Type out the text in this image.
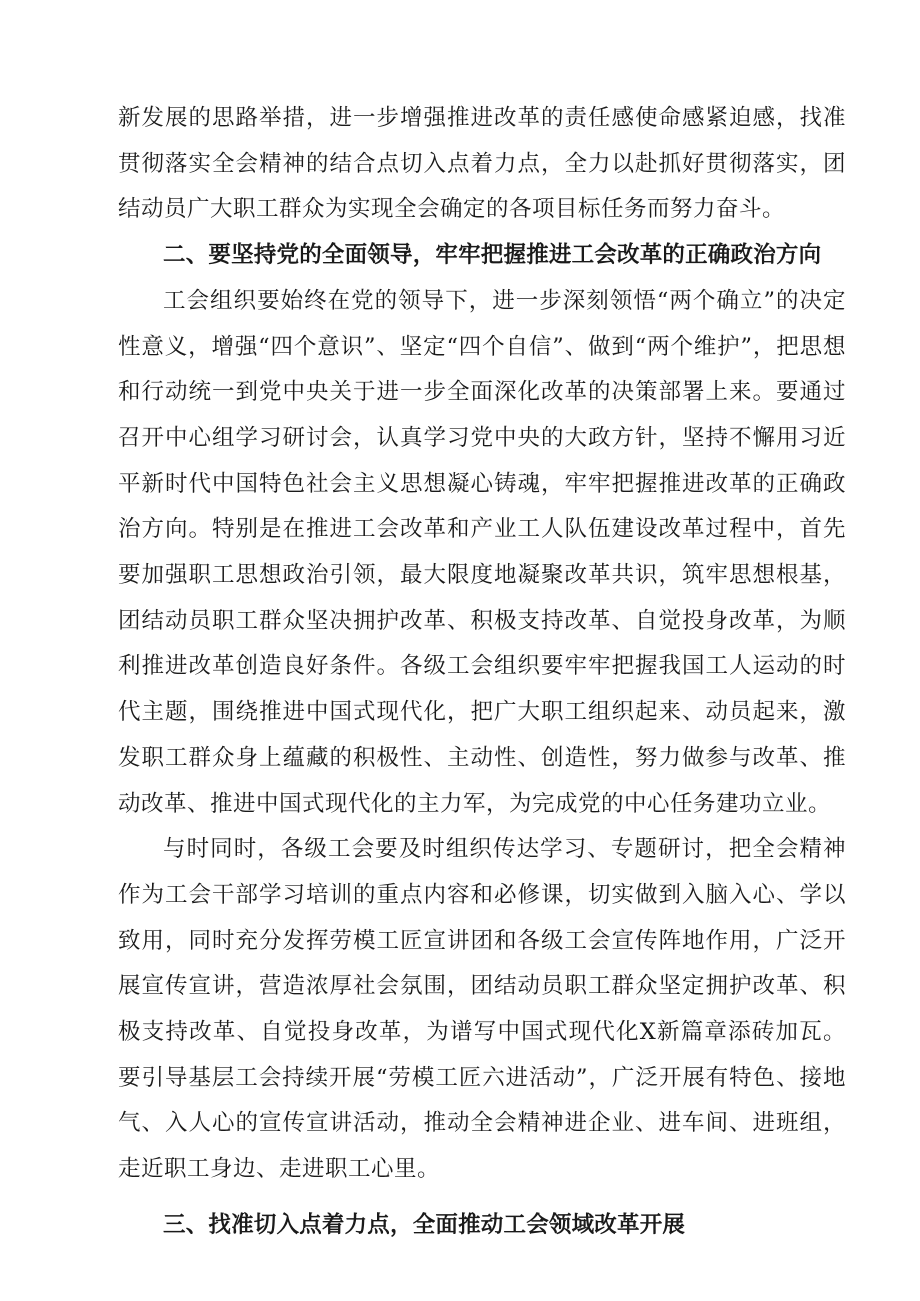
新发展的思路举措，进一步增强推进改革的责任感使命感紧迫感，找准贯彻落实全会精神的结合点切入点着力点，全力以赴抓好贯彻落实，团结动员广大职工群众为实现全会确定的各项目标任务而努力奋斗。

二、要坚持党的全面领导，牢牢把握推进工会改革的正确政治方向

工会组织要始终在党的领导下，进一步深刻领悟“两个确立”的决定性意义，增强“四个意识”、坚定“四个自信”、做到“两个维护”，把思想和行动统一到党中央关于进一步全面深化改革的决策部署上来。要通过召开中心组学习研讨会，认真学习党中央的大政方针，坚持不懈用习近平新时代中国特色社会主义思想凝心铸魂，牢牢把握推进改革的正确政治方向。特别是在推进工会改革和产业工人队伍建设改革过程中，首先要加强职工思想政治引领，最大限度地凝聚改革共识，筑牢思想根基，团结动员职工群众坚决拥护改革、积极支持改革、自觉投身改革，为顺利推进改革创造良好条件。各级工会组织要牢牢把握我国工人运动的时代主题，围绕推进中国式现代化，把广大职工组织起来、动员起来，激发职工群众身上蕴藏的积极性、主动性、创造性，努力做参与改革、推动改革、推进中国式现代化的主力军，为完成党的中心任务建功立业。

与时同时，各级工会要及时组织传达学习、专题研讨，把全会精神作为工会干部学习培训的重点内容和必修课，切实做到入脑入心、学以致用，同时充分发挥劳模工匠宣讲团和各级工会宣传阵地作用，广泛开展宣传宣讲，营造浓厚社会氛围，团结动员职工群众坚定拥护改革、积极支持改革、自觉投身改革，为谱写中国式现代化X新篇章添砖加瓦。要引导基层工会持续开展“劳模工匠六进活动”，广泛开展有特色、接地气、入人心的宣传宣讲活动，推动全会精神进企业、进车间、进班组，走近职工身边、走进职工心里。

三、找准切入点着力点，全面推动工会领域改革开展
